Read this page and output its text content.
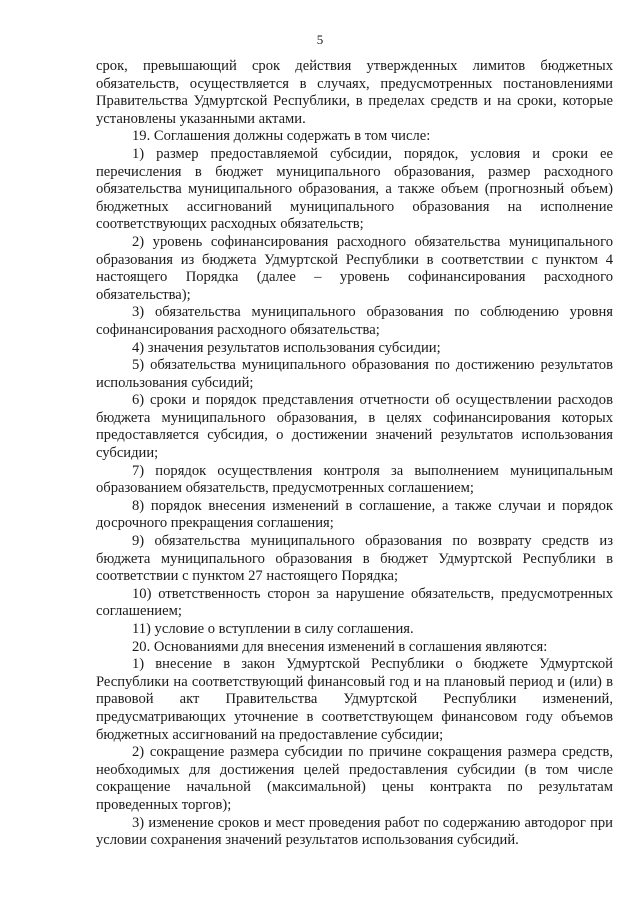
5

срок, превышающий срок действия утвержденных лимитов бюджетных обязательств, осуществляется в случаях, предусмотренных постановлениями Правительства Удмуртской Республики, в пределах средств и на сроки, которые установлены указанными актами.

19. Соглашения должны содержать в том числе:

1) размер предоставляемой субсидии, порядок, условия и сроки ее перечисления в бюджет муниципального образования, размер расходного обязательства муниципального образования, а также объем (прогнозный объем) бюджетных ассигнований муниципального образования на исполнение соответствующих расходных обязательств;

2) уровень софинансирования расходного обязательства муниципального образования из бюджета Удмуртской Республики в соответствии с пунктом 4 настоящего Порядка (далее – уровень софинансирования расходного обязательства);

3) обязательства муниципального образования по соблюдению уровня софинансирования расходного обязательства;

4) значения результатов использования субсидии;

5) обязательства муниципального образования по достижению результатов использования субсидий;

6) сроки и порядок представления отчетности об осуществлении расходов бюджета муниципального образования, в целях софинансирования которых предоставляется субсидия, о достижении значений результатов использования субсидии;

7) порядок осуществления контроля за выполнением муниципальным образованием обязательств, предусмотренных соглашением;

8) порядок внесения изменений в соглашение, а также случаи и порядок досрочного прекращения соглашения;

9) обязательства муниципального образования по возврату средств из бюджета муниципального образования в бюджет Удмуртской Республики в соответствии с пунктом 27 настоящего Порядка;

10) ответственность сторон за нарушение обязательств, предусмотренных соглашением;

11) условие о вступлении в силу соглашения.

20. Основаниями для внесения изменений в соглашения являются:

1) внесение в закон Удмуртской Республики о бюджете Удмуртской Республики на соответствующий финансовый год и на плановый период и (или) в правовой акт Правительства Удмуртской Республики изменений, предусматривающих уточнение в соответствующем финансовом году объемов бюджетных ассигнований на предоставление субсидии;

2) сокращение размера субсидии по причине сокращения размера средств, необходимых для достижения целей предоставления субсидии (в том числе сокращение начальной (максимальной) цены контракта по результатам проведенных торгов);

3) изменение сроков и мест проведения работ по содержанию автодорог при условии сохранения значений результатов использования субсидий.
